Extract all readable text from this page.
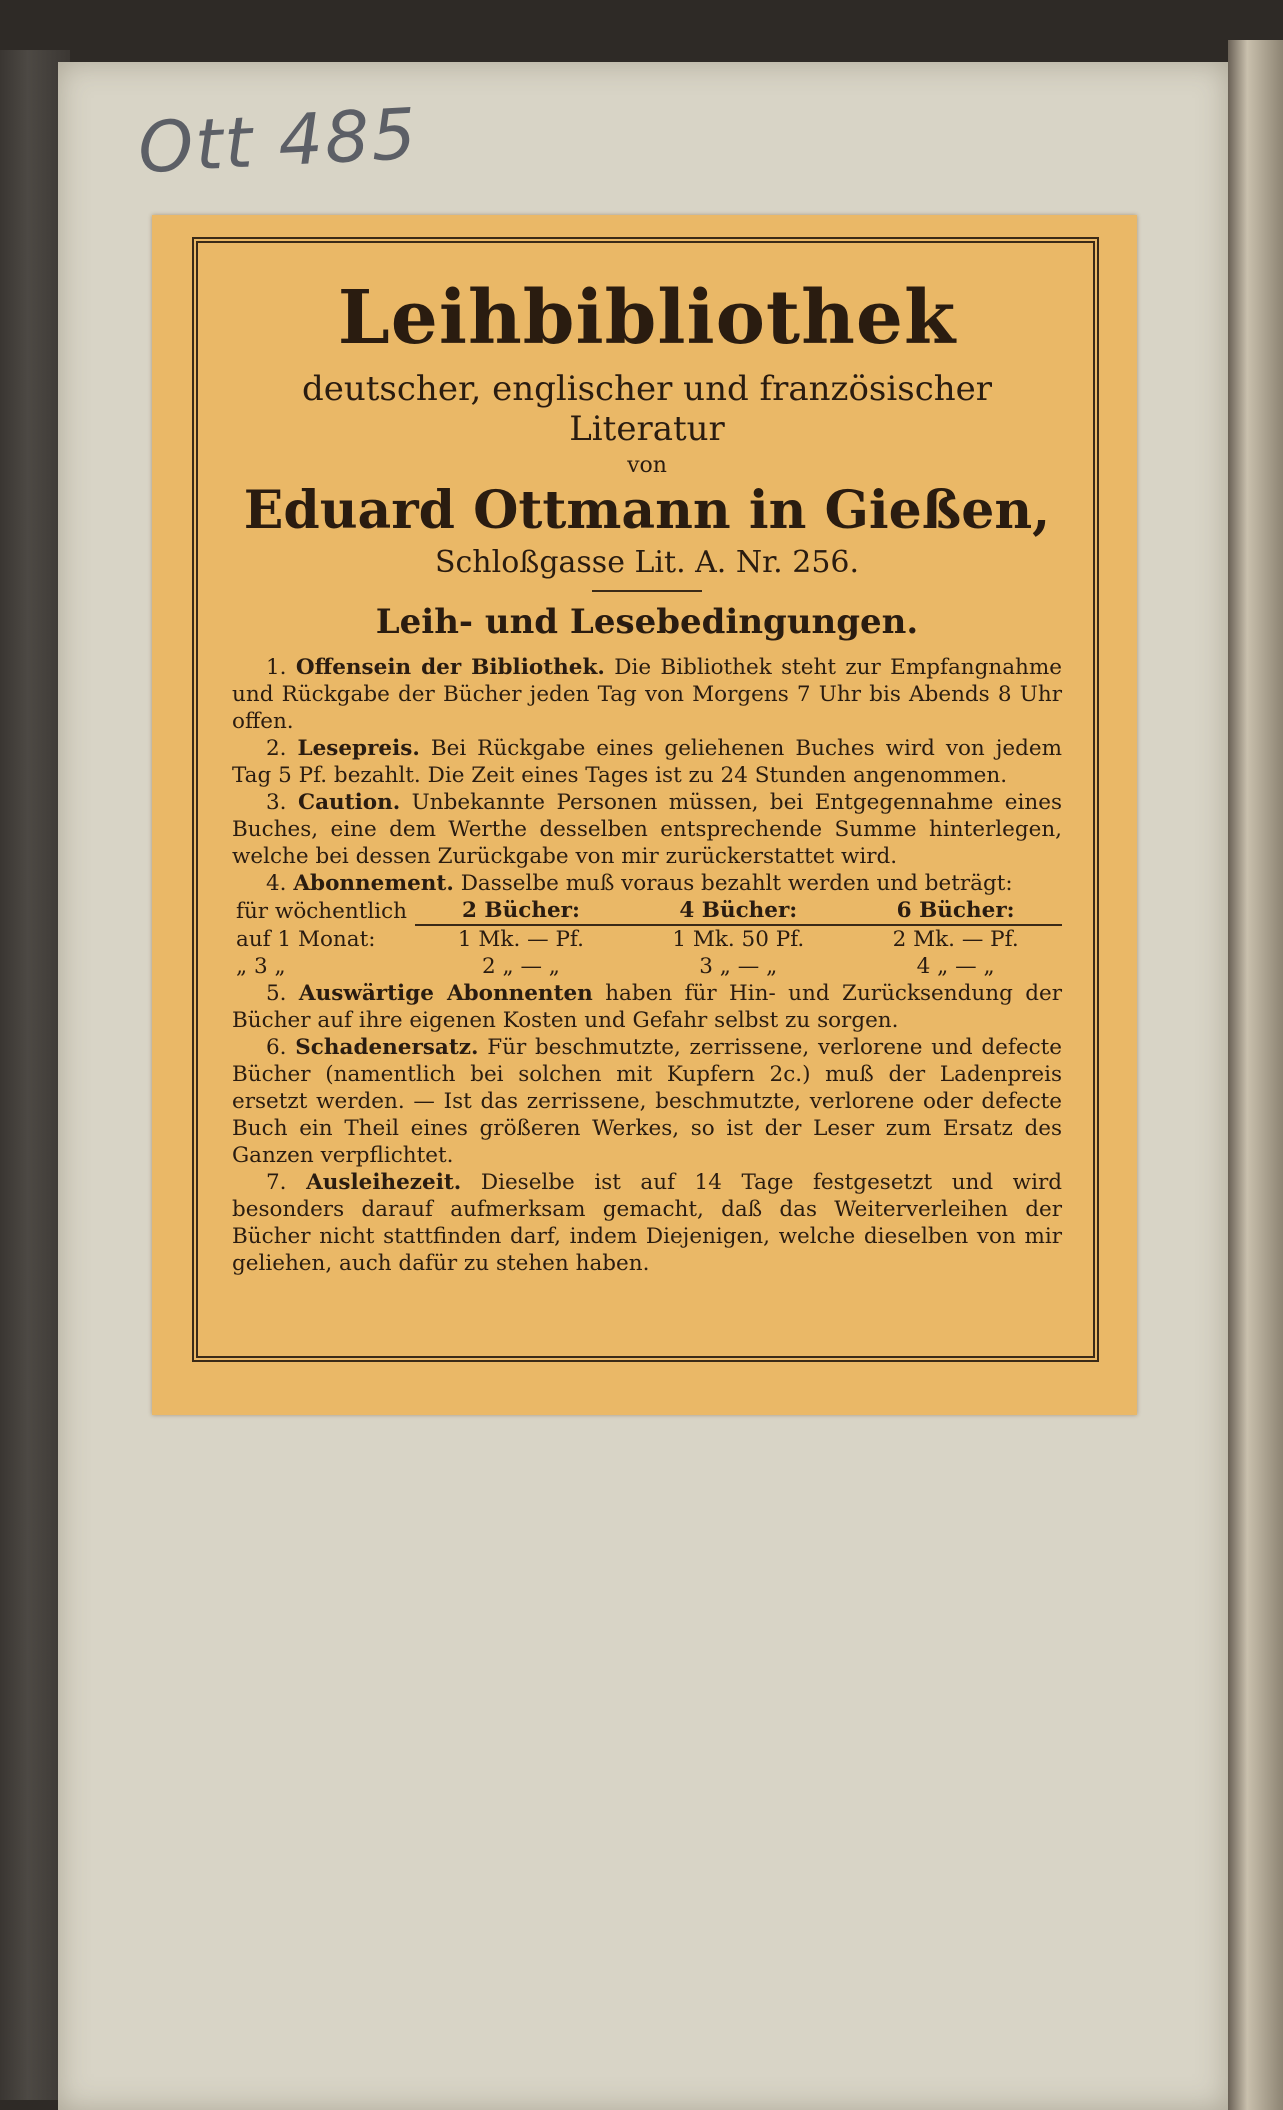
Ott 485
Leihbibliothek
deutscher, englischer und französischer Literatur
von
Eduard Ottmann in Gießen,
Schloßgasse Lit. A. Nr. 256.
Leih- und Lesebedingungen.

1. Offensein der Bibliothek. Die Bibliothek steht zur Empfangnahme und Rückgabe der Bücher jeden Tag von Morgens 7 Uhr bis Abends 8 Uhr offen.

2. Lesepreis. Bei Rückgabe eines geliehenen Buches wird von jedem Tag 5 Pf. bezahlt. Die Zeit eines Tages ist zu 24 Stunden angenommen.

3. Caution. Unbekannte Personen müssen, bei Entgegennahme eines Buches, eine dem Werthe desselben entsprechende Summe hinterlegen, welche bei dessen Zurückgabe von mir zurückerstattet wird.

4. Abonnement. Dasselbe muß voraus bezahlt werden und beträgt:

für wöchentlich	2 Bücher:	4 Bücher:	6 Bücher:
auf 1 Monat:	1 Mk. — Pf.	1 Mk. 50 Pf.	2 Mk. — Pf.
„ 3 „	2 „ — „	3 „ — „	4 „ — „

5. Auswärtige Abonnenten haben für Hin- und Zurücksendung der Bücher auf ihre eigenen Kosten und Gefahr selbst zu sorgen.

6. Schadenersatz. Für beschmutzte, zerrissene, verlorene und defecte Bücher (namentlich bei solchen mit Kupfern 2c.) muß der Ladenpreis ersetzt werden. — Ist das zerrissene, beschmutzte, verlorene oder defecte Buch ein Theil eines größeren Werkes, so ist der Leser zum Ersatz des Ganzen verpflichtet.

7. Ausleihezeit. Dieselbe ist auf 14 Tage festgesetzt und wird besonders darauf aufmerksam gemacht, daß das Weiterverleihen der Bücher nicht stattfinden darf, indem Diejenigen, welche dieselben von mir geliehen, auch dafür zu stehen haben.
